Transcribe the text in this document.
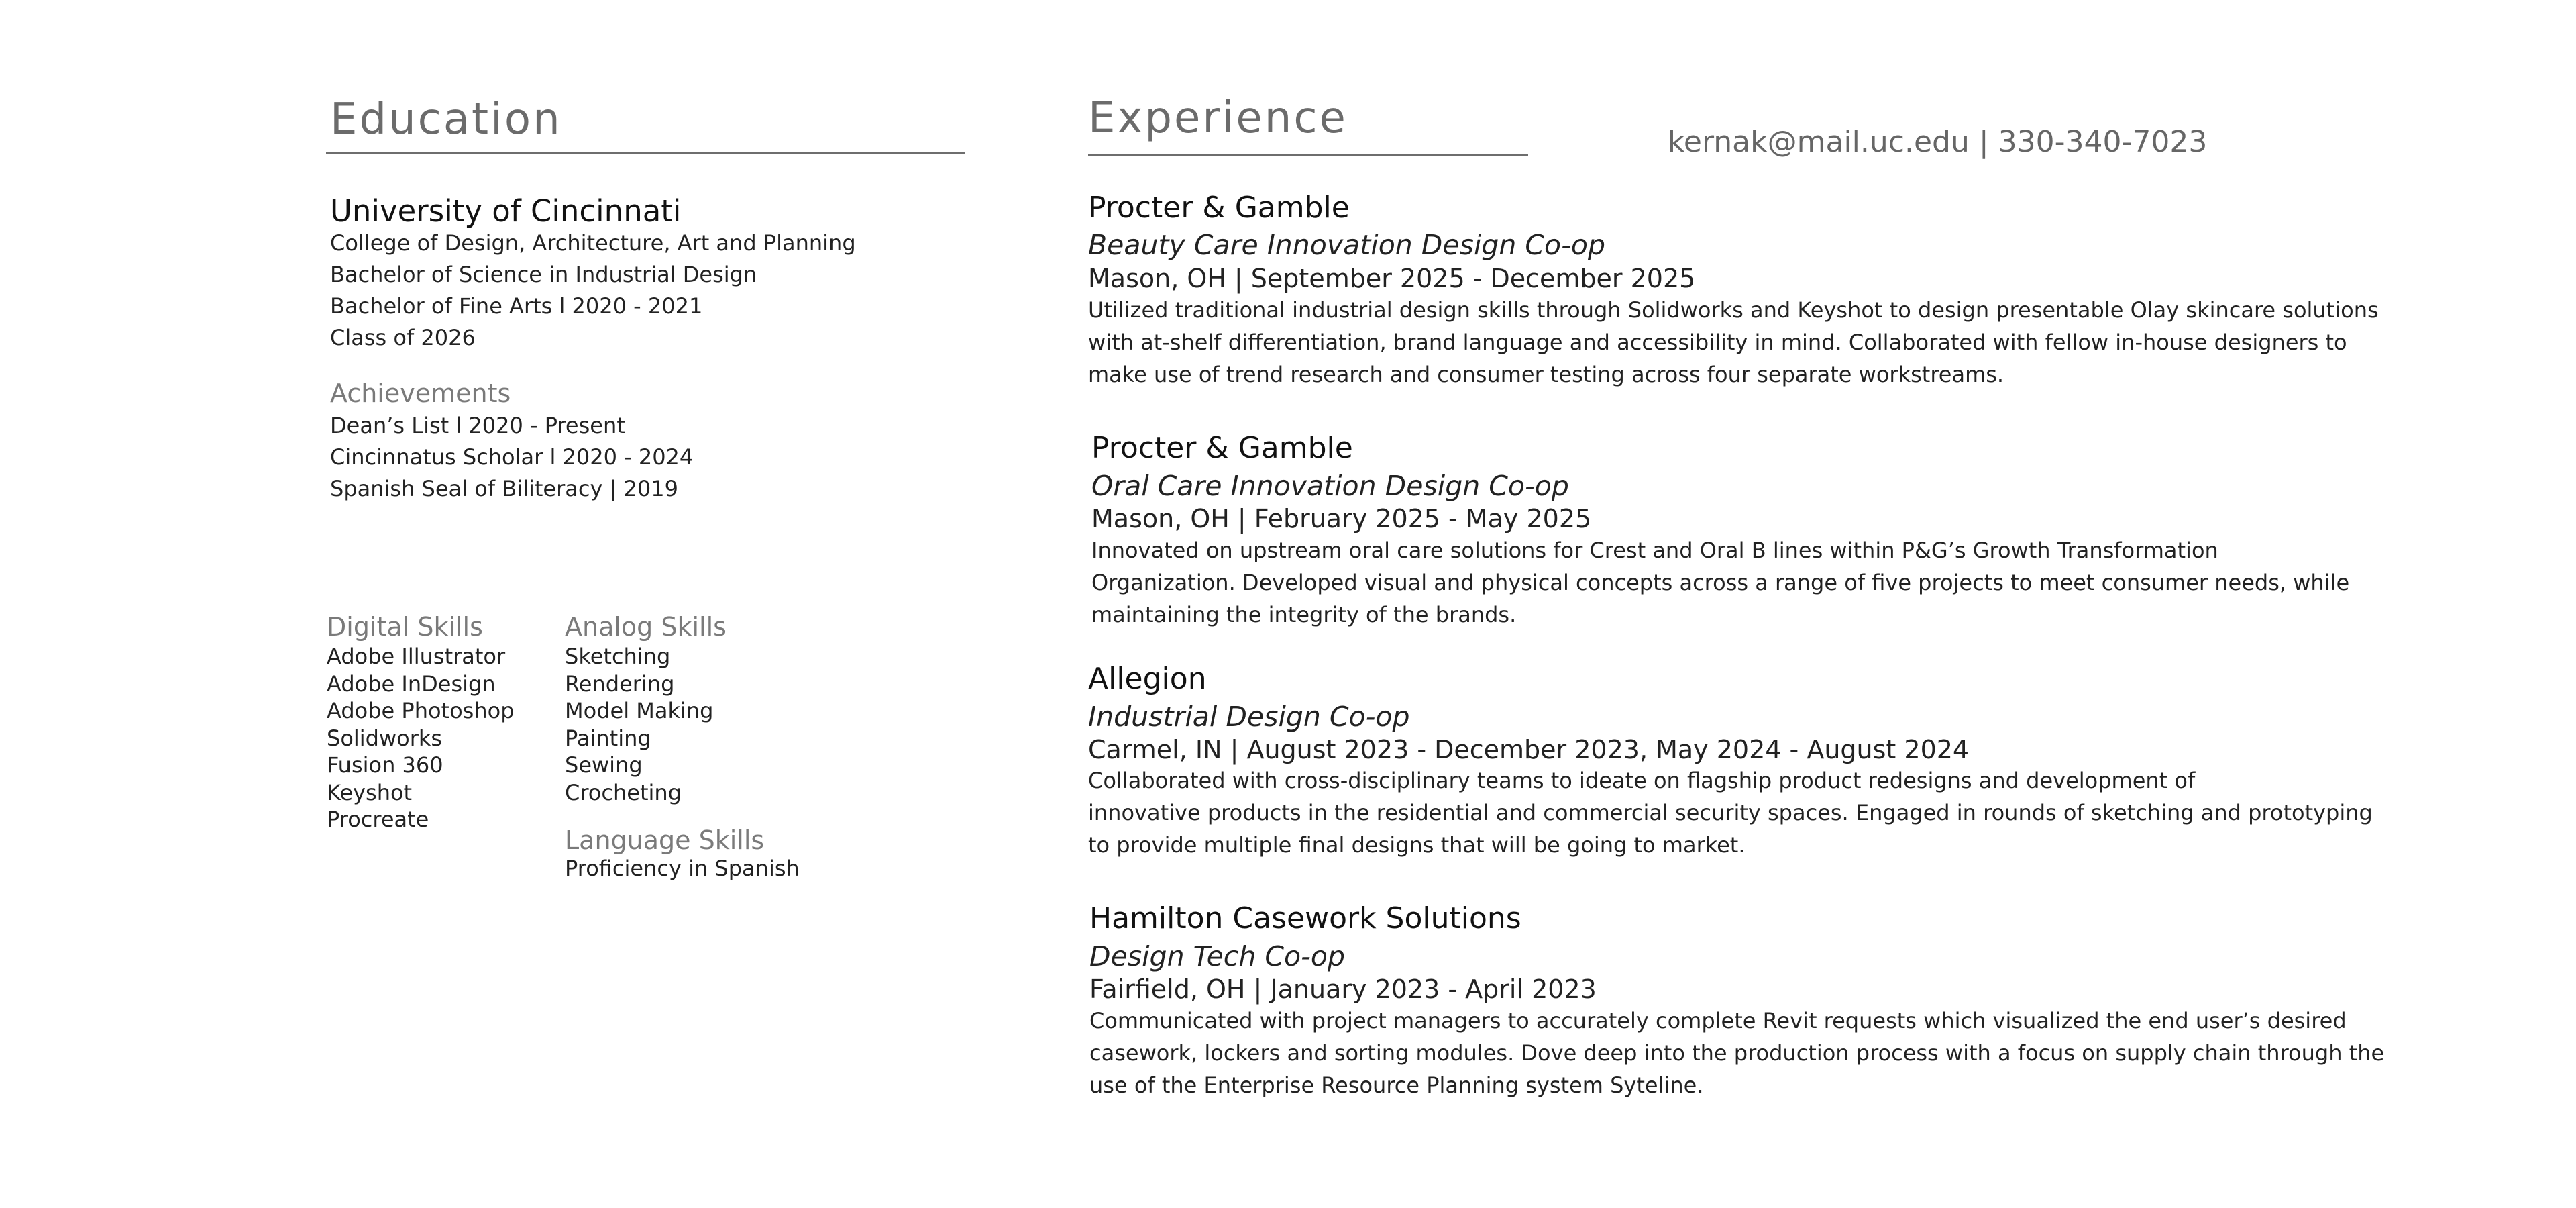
Education
University of Cincinnati
College of Design, Architecture, Art and Planning
Bachelor of Science in Industrial Design
Bachelor of Fine Arts l 2020 - 2021
Class of 2026
Achievements
Dean’s List l 2020 - Present
Cincinnatus Scholar l 2020 - 2024
Spanish Seal of Biliteracy | 2019
Digital Skills
Adobe Illustrator
Adobe InDesign
Adobe Photoshop
Solidworks
Fusion 360
Keyshot
Procreate
Analog Skills
Sketching
Rendering
Model Making
Painting
Sewing
Crocheting
Language Skills
Proficiency in Spanish
Experience	kernak@mail.uc.edu | 330-340-7023
Procter & Gamble
Beauty Care Innovation Design Co-op
Mason, OH | September 2025 - December 2025
Utilized traditional industrial design skills through Solidworks and Keyshot to design presentable Olay skincare solutions
with at-shelf differentiation, brand language and accessibility in mind. Collaborated with fellow in-house designers to
make use of trend research and consumer testing across four separate workstreams.
Procter & Gamble
Oral Care Innovation Design Co-op
Mason, OH | February 2025 - May 2025
Innovated on upstream oral care solutions for Crest and Oral B lines within P&G’s Growth Transformation
Organization. Developed visual and physical concepts across a range of five projects to meet consumer needs, while
maintaining the integrity of the brands.
Allegion
Industrial Design Co-op
Carmel, IN | August 2023 - December 2023, May 2024 - August 2024
Collaborated with cross-disciplinary teams to ideate on flagship product redesigns and development of
innovative products in the residential and commercial security spaces. Engaged in rounds of sketching and prototyping
to provide multiple final designs that will be going to market.
Hamilton Casework Solutions
Design Tech Co-op
Fairfield, OH | January 2023 - April 2023
Communicated with project managers to accurately complete Revit requests which visualized the end user’s desired
casework, lockers and sorting modules. Dove deep into the production process with a focus on supply chain through the
use of the Enterprise Resource Planning system Syteline.
